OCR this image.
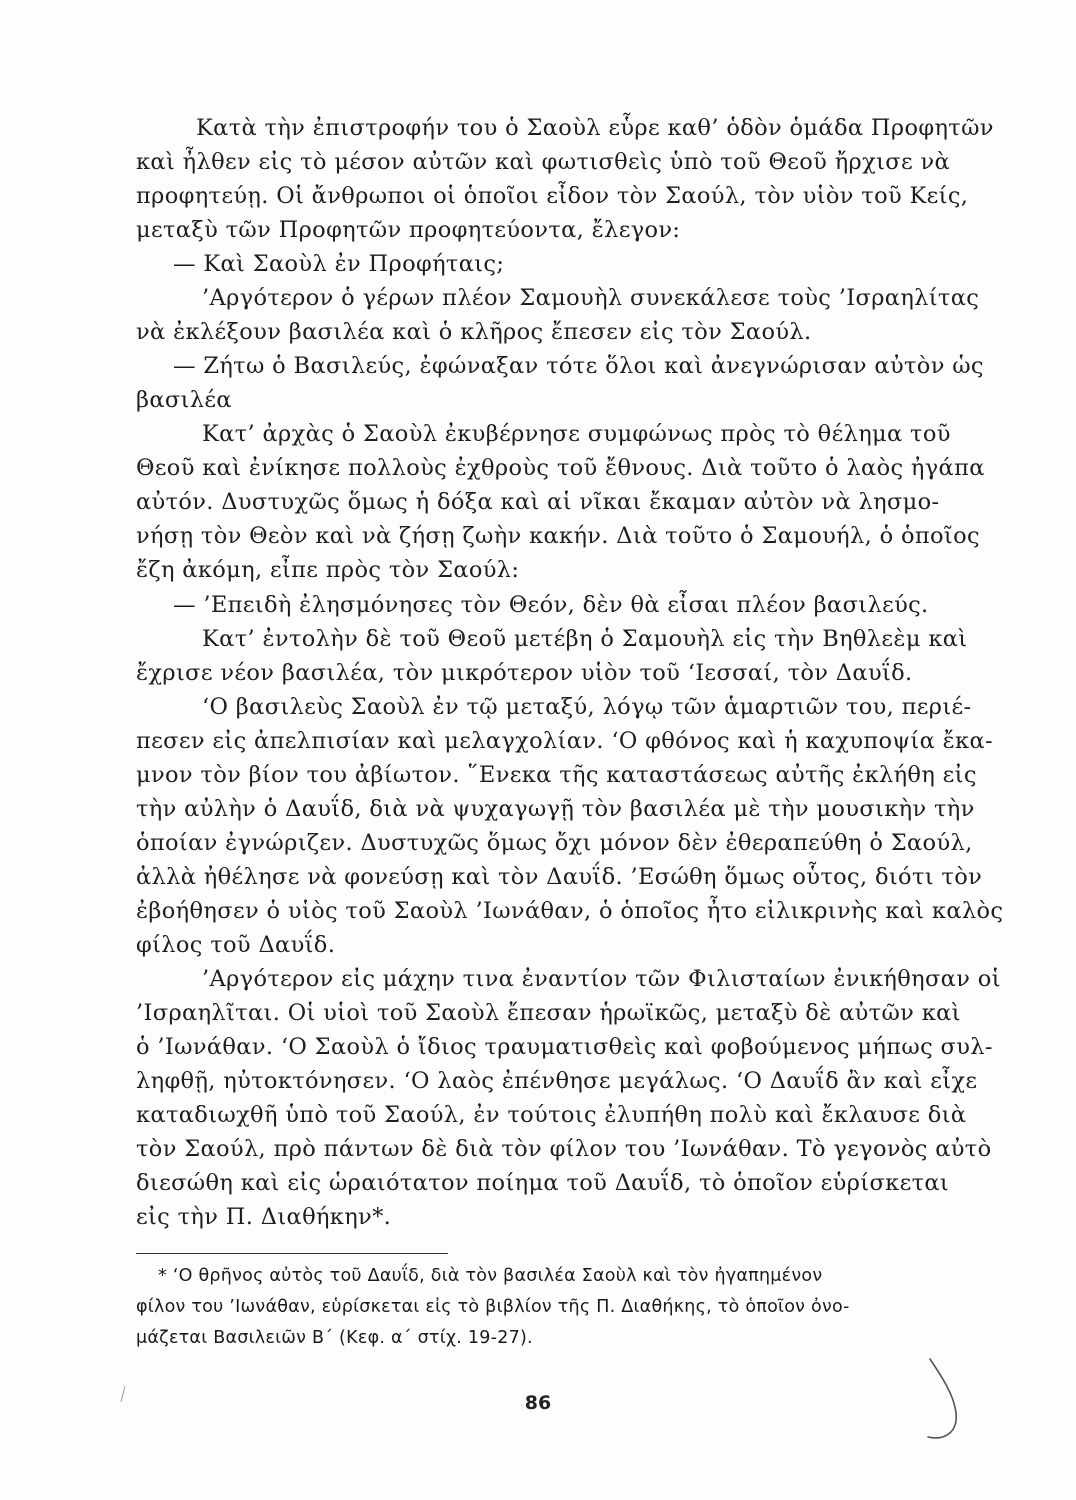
Κατὰ τὴν ἐπιστροφήν του ὁ Σαοὺλ εὗρε καθ’ ὁδὸν ὁμάδα Προφητῶν
καὶ ἦλθεν εἰς τὸ μέσον αὐτῶν καὶ φωτισθεὶς ὑπὸ τοῦ Θεοῦ ἤρχισε νὰ
προφητεύῃ. Οἱ ἄνθρωποι οἱ ὁποῖοι εἶδον τὸν Σαούλ, τὸν υἱὸν τοῦ Κείς,
μεταξὺ τῶν Προφητῶν προφητεύοντα, ἔλεγον:
— Καὶ Σαοὺλ ἐν Προφήταις;
’Αργότερον ὁ γέρων πλέον Σαμουὴλ συνεκάλεσε τοὺς ’Ισραηλίτας
νὰ ἐκλέξουν βασιλέα καὶ ὁ κλῆρος ἔπεσεν εἰς τὸν Σαούλ.
— Ζήτω ὁ Βασιλεύς, ἐφώναξαν τότε ὅλοι καὶ ἀνεγνώρισαν αὐτὸν ὡς
βασιλέα
Κατ’ ἀρχὰς ὁ Σαοὺλ ἐκυβέρνησε συμφώνως πρὸς τὸ θέλημα τοῦ
Θεοῦ καὶ ἐνίκησε πολλοὺς ἐχθροὺς τοῦ ἔθνους. Διὰ τοῦτο ὁ λαὸς ἠγάπα
αὐτόν. Δυστυχῶς ὅμως ἡ δόξα καὶ αἱ νῖκαι ἔκαμαν αὐτὸν νὰ λησμο-
νήσῃ τὸν Θεὸν καὶ νὰ ζήσῃ ζωὴν κακήν. Διὰ τοῦτο ὁ Σαμουήλ, ὁ ὁποῖος
ἔζη ἀκόμη, εἶπε πρὸς τὸν Σαούλ:
— ’Επειδὴ ἐλησμόνησες τὸν Θεόν, δὲν θὰ εἶσαι πλέον βασιλεύς.
Κατ’ ἐντολὴν δὲ τοῦ Θεοῦ μετέβη ὁ Σαμουὴλ εἰς τὴν Βηθλεὲμ καὶ
ἔχρισε νέον βασιλέα, τὸν μικρότερον υἱὸν τοῦ ‘Ιεσσαί, τὸν Δαυΐδ.
‘Ο βασιλεὺς Σαοὺλ ἐν τῷ μεταξύ, λόγῳ τῶν ἁμαρτιῶν του, περιέ-
πεσεν εἰς ἀπελπισίαν καὶ μελαγχολίαν. ‘Ο φθόνος καὶ ἡ καχυποψία ἔκα-
μνον τὸν βίον του ἀβίωτον. ῞Ενεκα τῆς καταστάσεως αὐτῆς ἐκλήθη εἰς
τὴν αὐλὴν ὁ Δαυΐδ, διὰ νὰ ψυχαγωγῇ τὸν βασιλέα μὲ τὴν μουσικὴν τὴν
ὁποίαν ἐγνώριζεν. Δυστυχῶς ὅμως ὄχι μόνον δὲν ἐθεραπεύθη ὁ Σαούλ,
ἀλλὰ ἠθέλησε νὰ φονεύσῃ καὶ τὸν Δαυΐδ. ’Εσώθη ὅμως οὗτος, διότι τὸν
ἐβοήθησεν ὁ υἱὸς τοῦ Σαοὺλ ’Ιωνάθαν, ὁ ὁποῖος ἦτο εἰλικρινὴς καὶ καλὸς
φίλος τοῦ Δαυΐδ.
’Αργότερον εἰς μάχην τινα ἐναντίον τῶν Φιλισταίων ἐνικήθησαν οἱ
’Ισραηλῖται. Οἱ υἱοὶ τοῦ Σαοὺλ ἔπεσαν ἡρωϊκῶς, μεταξὺ δὲ αὐτῶν καὶ
ὁ ’Ιωνάθαν. ‘Ο Σαοὺλ ὁ ἴδιος τραυματισθεὶς καὶ φοβούμενος μήπως συλ-
ληφθῇ, ηὐτοκτόνησεν. ‘Ο λαὸς ἐπένθησε μεγάλως. ‘Ο Δαυΐδ ἂν καὶ εἶχε
καταδιωχθῆ ὑπὸ τοῦ Σαούλ, ἐν τούτοις ἐλυπήθη πολὺ καὶ ἔκλαυσε διὰ
τὸν Σαούλ, πρὸ πάντων δὲ διὰ τὸν φίλον του ’Ιωνάθαν. Τὸ γεγονὸς αὐτὸ
διεσώθη καὶ εἰς ὡραιότατον ποίημα τοῦ Δαυΐδ, τὸ ὁποῖον εὑρίσκεται
εἰς τὴν Π. Διαθήκην*.
* ‘Ο θρῆνος αὐτὸς τοῦ Δαυΐδ, διὰ τὸν βασιλέα Σαοὺλ καὶ τὸν ἠγαπημένον
φίλον του ’Ιωνάθαν, εὑρίσκεται εἰς τὸ βιβλίον τῆς Π. Διαθήκης, τὸ ὁποῖον ὀνο-
μάζεται Βασιλειῶν Β΄ (Κεφ. α΄ στίχ. 19-27).
86
